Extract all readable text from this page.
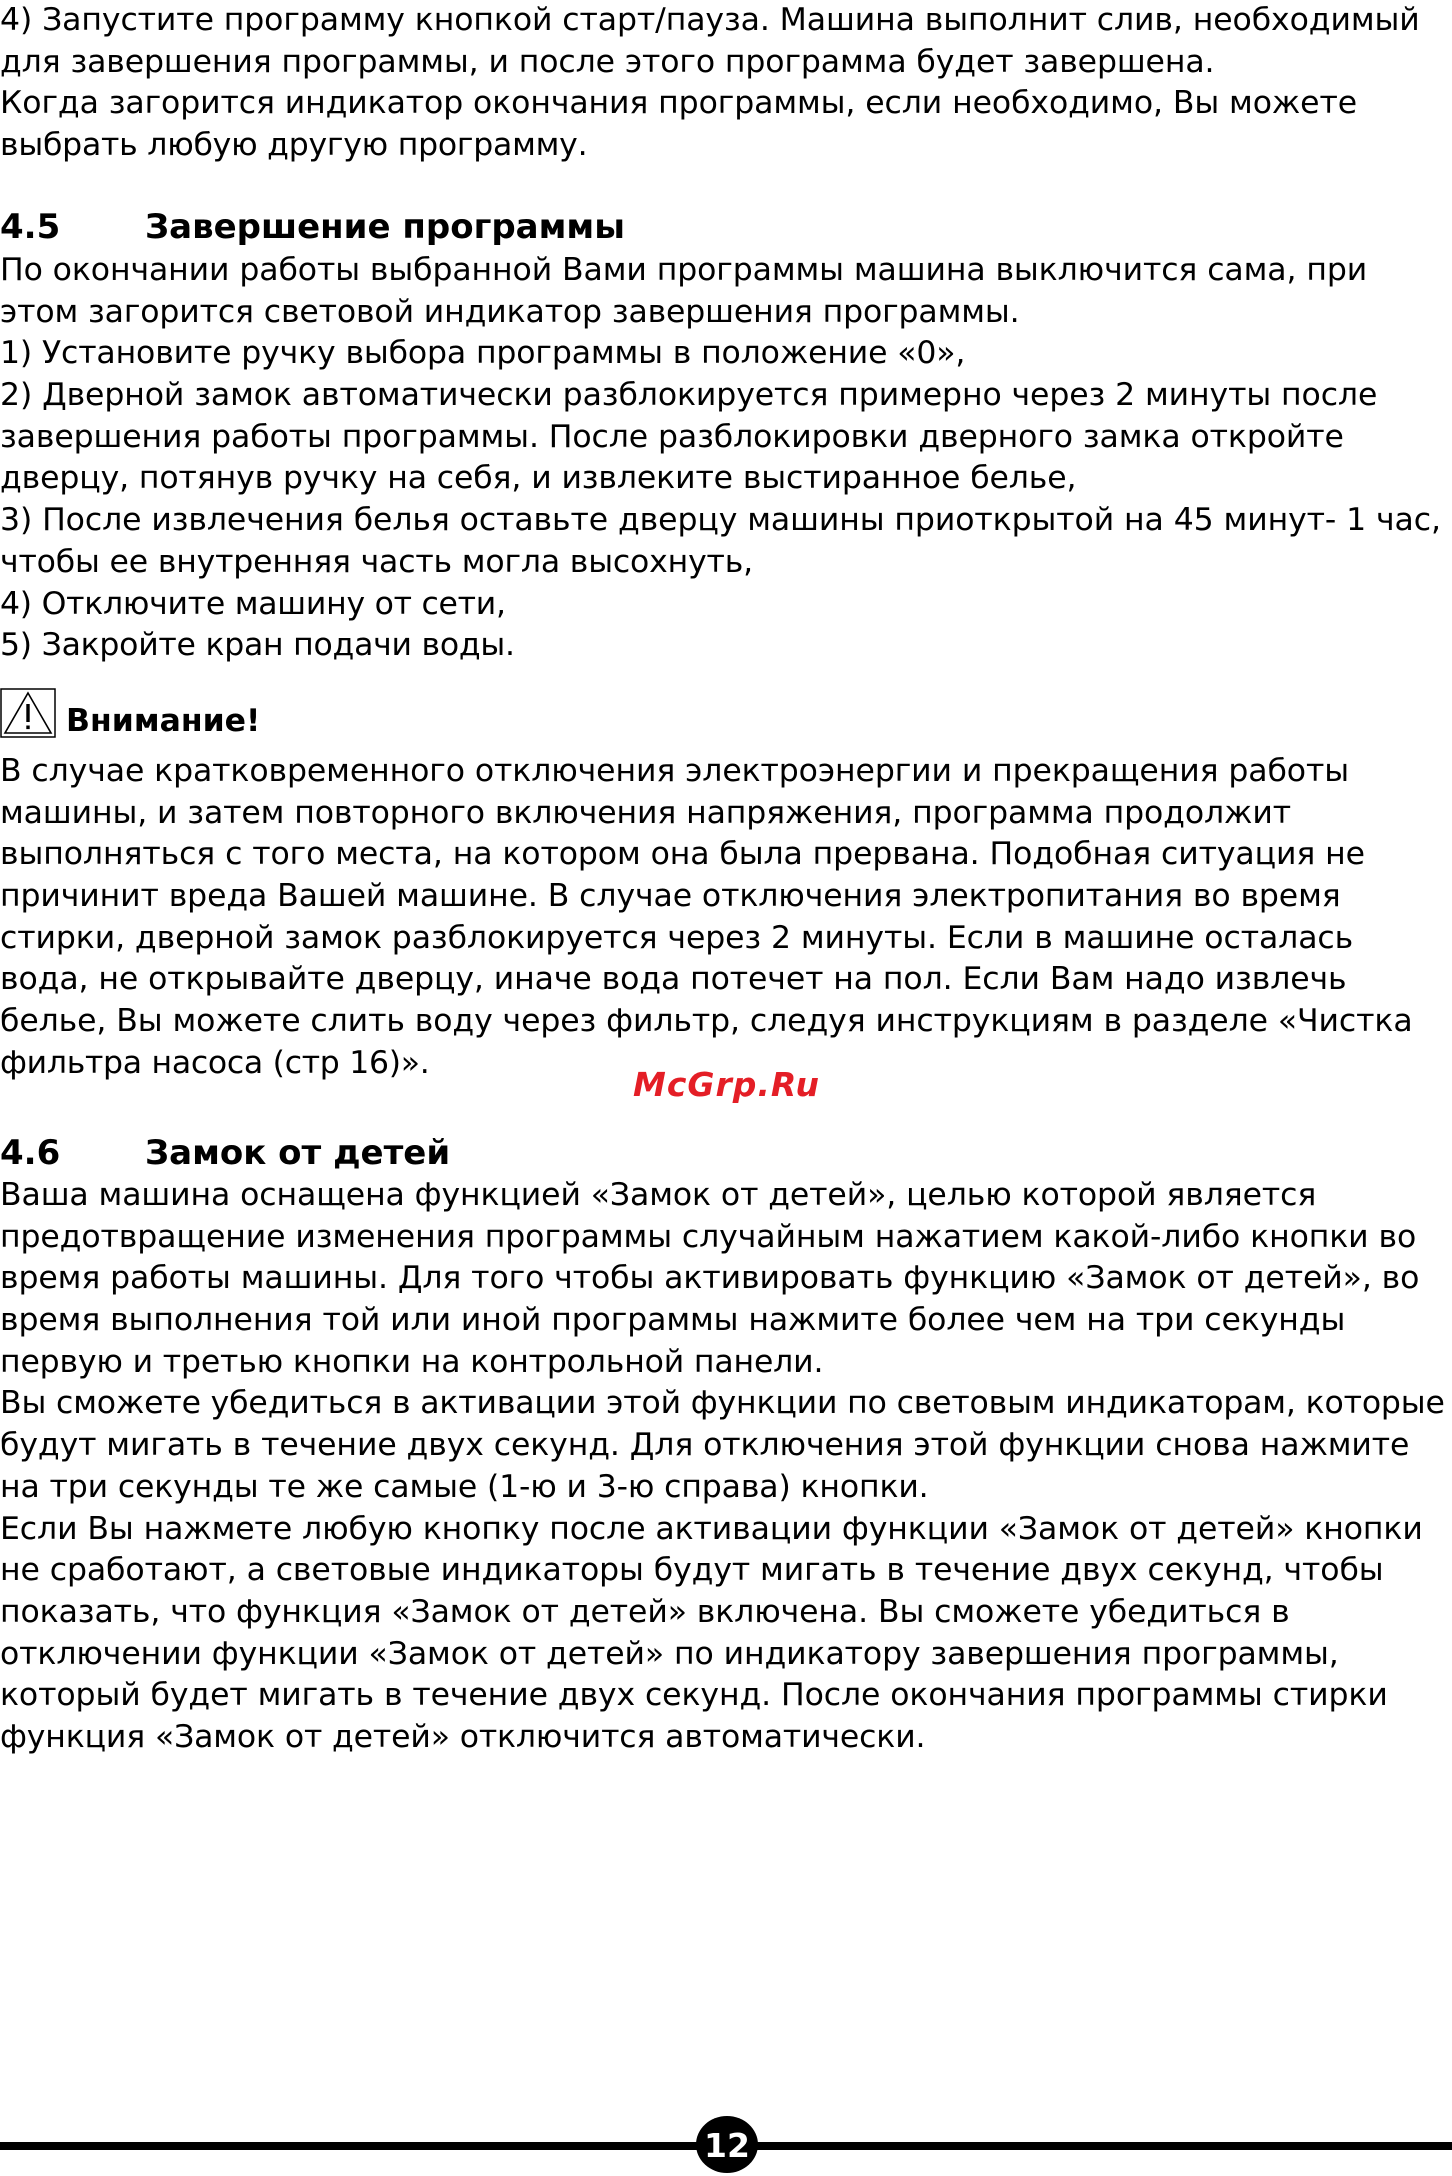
4) Запустите программу кнопкой старт/пауза. Машина выполнит слив, необходимый
для завершения программы, и после этого программа будет завершена.
Когда загорится индикатор окончания программы, если необходимо, Вы можете
выбрать любую другую программу.
4.5 Завершение программы
По окончании работы выбранной Вами программы машина выключится сама, при
этом загорится световой индикатор завершения программы.
1) Установите ручку выбора программы в положение «0»,
2) Дверной замок автоматически разблокируется примерно через 2 минуты после
завершения работы программы. После разблокировки дверного замка откройте
дверцу, потянув ручку на себя, и извлеките выстиранное белье,
3) После извлечения белья оставьте дверцу машины приоткрытой на 45 минут- 1 час,
чтобы ее внутренняя часть могла высохнуть,
4) Отключите машину от сети,
5) Закройте кран подачи воды.
Внимание!
В случае кратковременного отключения электроэнергии и прекращения работы
машины, и затем повторного включения напряжения, программа продолжит
выполняться с того места, на котором она была прервана. Подобная ситуация не
причинит вреда Вашей машине. В случае отключения электропитания во время
стирки, дверной замок разблокируется через 2 минуты. Если в машине осталась
вода, не открывайте дверцу, иначе вода потечет на пол. Если Вам надо извлечь
белье, Вы можете слить воду через фильтр, следуя инструкциям в разделе «Чистка
фильтра насоса (стр 16)».
McGrp.Ru
4.6 Замок от детей
Ваша машина оснащена функцией «Замок от детей», целью которой является
предотвращение изменения программы случайным нажатием какой-либо кнопки во
время работы машины. Для того чтобы активировать функцию «Замок от детей», во
время выполнения той или иной программы нажмите более чем на три секунды
первую и третью кнопки на контрольной панели.
Вы сможете убедиться в активации этой функции по световым индикаторам, которые
будут мигать в течение двух секунд. Для отключения этой функции снова нажмите
на три секунды те же самые (1-ю и 3-ю справа) кнопки.
Если Вы нажмете любую кнопку после активации функции «Замок от детей» кнопки
не сработают, а световые индикаторы будут мигать в течение двух секунд, чтобы
показать, что функция «Замок от детей» включена. Вы сможете убедиться в
отключении функции «Замок от детей» по индикатору завершения программы,
который будет мигать в течение двух секунд. После окончания программы стирки
функция «Замок от детей» отключится автоматически.
12
